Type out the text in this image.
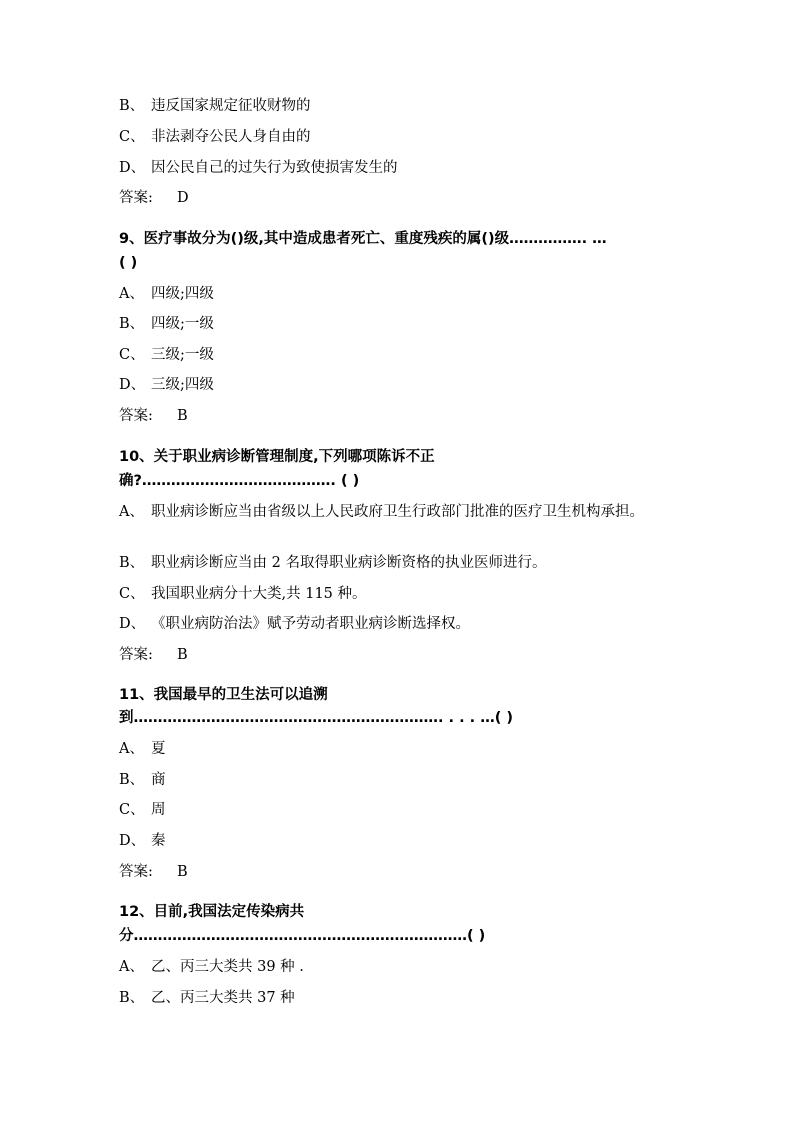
B、 违反国家规定征收财物的
C、 非法剥夺公民人身自由的
D、 因公民自己的过失行为致使损害发生的
答案: D
9、医疗事故分为()级,其中造成患者死亡、重度残疾的属()级……………. …
( )
A、 四级;四级
B、 四级;一级
C、 三级;一级
D、 三级;四级
答案: B
10、关于职业病诊断管理制度,下列哪项陈诉不正
确?…………………………………. ( )
A、 职业病诊断应当由省级以上人民政府卫生行政部门批准的医疗卫生机构承担。
B、 职业病诊断应当由 2 名取得职业病诊断资格的执业医师进行。
C、 我国职业病分十大类,共 115 种。
D、 《职业病防治法》赋予劳动者职业病诊断选择权。
答案: B
11、我国最早的卫生法可以追溯
到………………………………………………………. . . . …( )
A、 夏
B、 商
C、 周
D、 秦
答案: B
12、目前,我国法定传染病共
分……………………………………………………………( )
A、 乙、丙三大类共 39 种 .
B、 乙、丙三大类共 37 种
